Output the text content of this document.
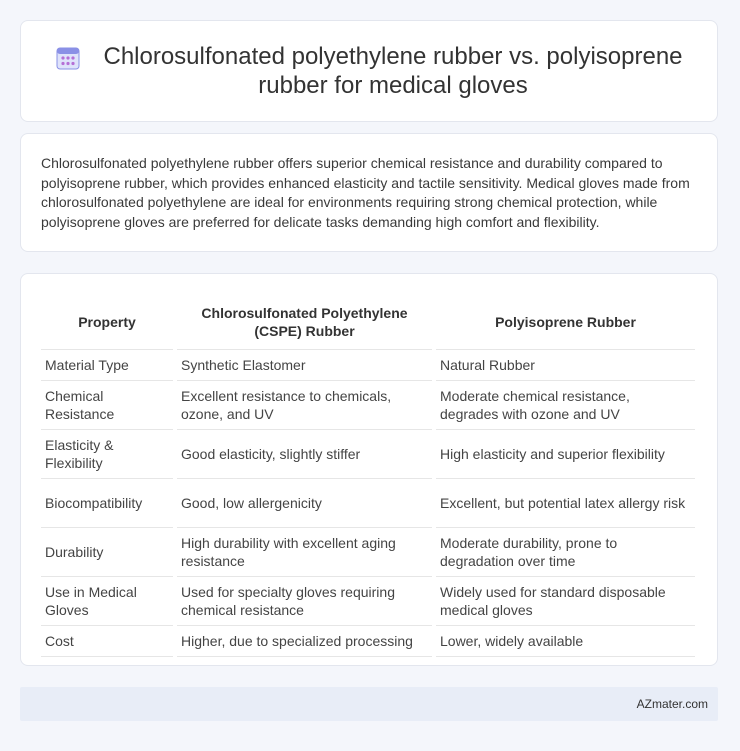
Chlorosulfonated polyethylene rubber vs. polyisoprene rubber for medical gloves

Chlorosulfonated polyethylene rubber offers superior chemical resistance and durability compared to polyisoprene rubber, which provides enhanced elasticity and tactile sensitivity. Medical gloves made from chlorosulfonated polyethylene are ideal for environments requiring strong chemical protection, while polyisoprene gloves are preferred for delicate tasks demanding high comfort and flexibility.

Property	Chlorosulfonated Polyethylene (CSPE) Rubber	Polyisoprene Rubber
Material Type	Synthetic Elastomer	Natural Rubber
Chemical Resistance	Excellent resistance to chemicals, ozone, and UV	Moderate chemical resistance, degrades with ozone and UV
Elasticity & Flexibility	Good elasticity, slightly stiffer	High elasticity and superior flexibility
Biocompatibility	Good, low allergenicity	Excellent, but potential latex allergy risk
Durability	High durability with excellent aging resistance	Moderate durability, prone to degradation over time
Use in Medical Gloves	Used for specialty gloves requiring chemical resistance	Widely used for standard disposable medical gloves
Cost	Higher, due to specialized processing	Lower, widely available
AZmater.com
